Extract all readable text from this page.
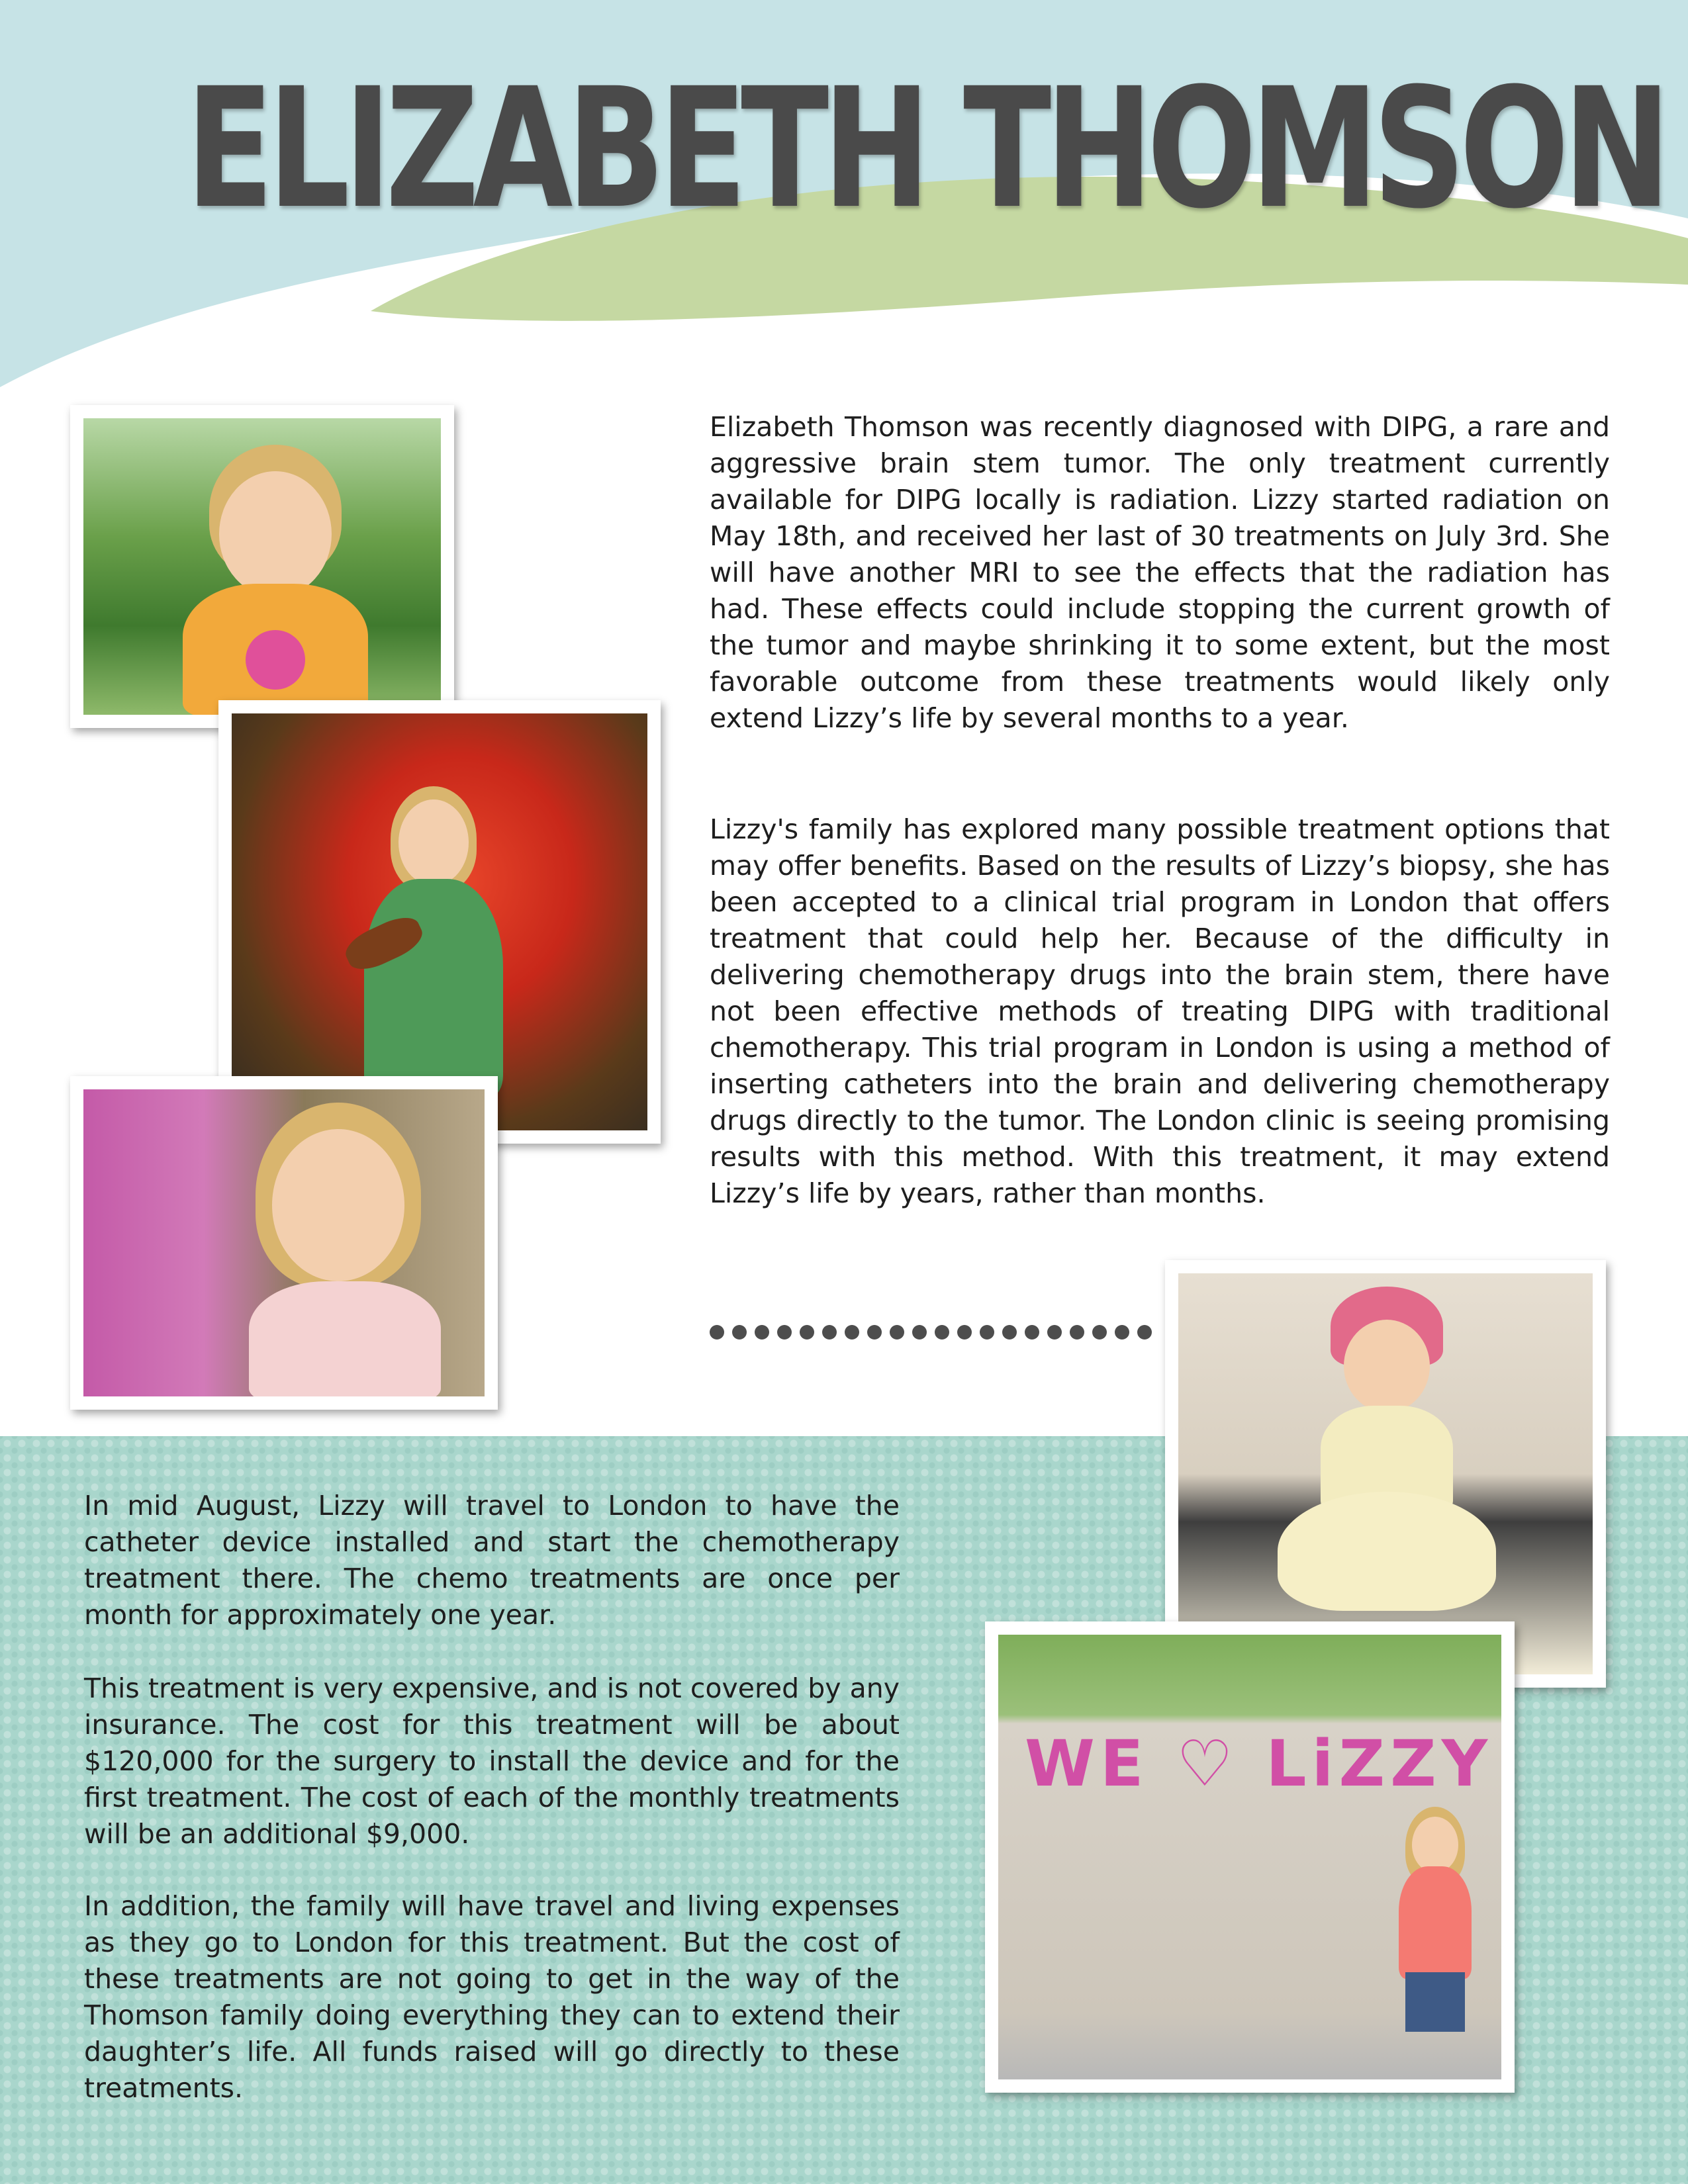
ELIZABETH THOMSON

Elizabeth Thomson was recently diagnosed with DIPG, a rare and aggressive brain stem tumor. The only treatment currently available for DIPG locally is radiation. Lizzy started radiation on May 18th, and received her last of 30 treatments on July 3rd. She will have another MRI to see the effects that the radiation has had. These effects could include stopping the current growth of the tumor and maybe shrinking it to some extent, but the most favorable outcome from these treatments would likely only extend Lizzy’s life by several months to a year.

Lizzy's family has explored many possible treatment options that may offer benefits. Based on the results of Lizzy’s biopsy, she has been accepted to a clinical trial program in London that offers treatment that could help her. Because of the difficulty in delivering chemotherapy drugs into the brain stem, there have not been effective methods of treating DIPG with traditional chemotherapy. This trial program in London is using a method of inserting catheters into the brain and delivering chemotherapy drugs directly to the tumor. The London clinic is seeing promising results with this method. With this treatment, it may extend Lizzy’s life by years, rather than months.

In mid August, Lizzy will travel to London to have the catheter device installed and start the chemotherapy treatment there. The chemo treatments are once per month for approximately one year.

This treatment is very expensive, and is not covered by any insurance. The cost for this treatment will be about $120,000 for the surgery to install the device and for the first treatment. The cost of each of the monthly treatments will be an additional $9,000.

In addition, the family will have travel and living expenses as they go to London for this treatment. But the cost of these treatments are not going to get in the way of the Thomson family doing everything they can to extend their daughter’s life. All funds raised will go directly to these treatments.

WE ♡ LiZZY
